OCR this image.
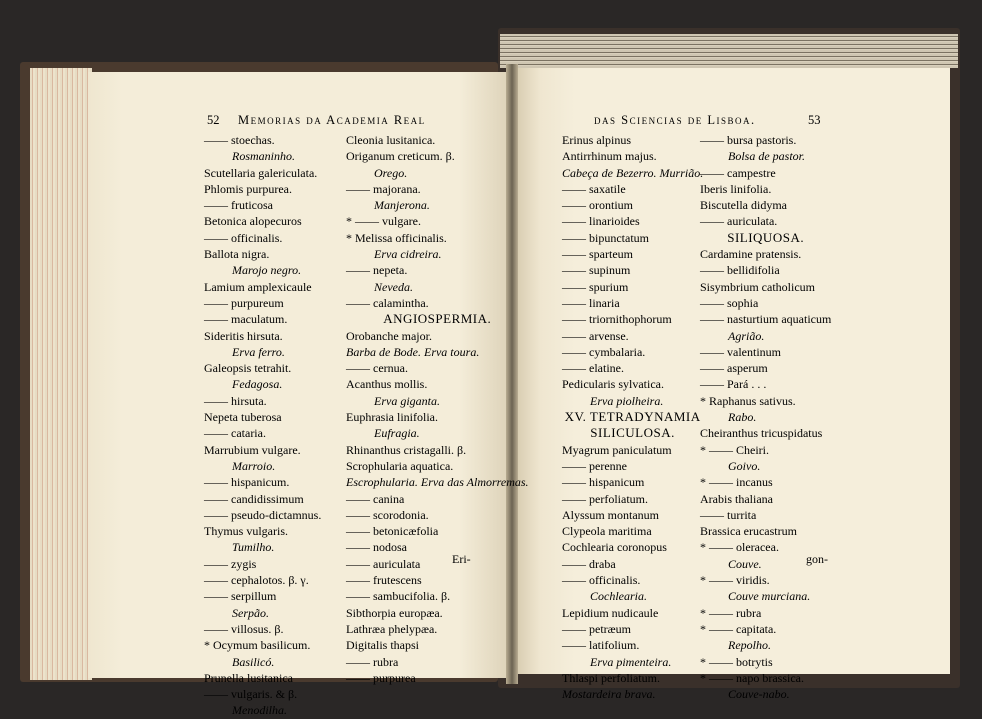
52 Memorias da Academia Real	das Sciencias de Lisboa.	53
—— stoechas.
Rosmaninho.
Scutellaria galericulata.
Phlomis purpurea.
—— fruticosa
Betonica alopecuros
—— officinalis.
Ballota nigra.
Marojo negro.
Lamium amplexicaule
—— purpureum
—— maculatum.
Sideritis hirsuta.
Erva ferro.
Galeopsis tetrahit.
Fedagosa.
—— hirsuta.
Nepeta tuberosa
—— cataria.
Marrubium vulgare.
Marroio.
—— hispanicum.
—— candidissimum
—— pseudo-dictamnus.
Thymus vulgaris.
Tumilho.
—— zygis
—— cephalotos. β. γ.
—— serpillum
Serpão.
—— villosus. β.
* Ocymum basilicum.
Basilicó.
Prunella lusitanica
—— vulgaris. & β.
Menodilha.
Cleonia lusitanica.
Origanum creticum. β.
Orego.
—— majorana.
Manjerona.
* —— vulgare.
* Melissa officinalis.
Erva cidreira.
—— nepeta.
Neveda.
—— calamintha.
ANGIOSPERMIA.
Orobanche major.
Barba de Bode. Erva toura.
—— cernua.
Acanthus mollis.
Erva giganta.
Euphrasia linifolia.
Eufragia.
Rhinanthus cristagalli. β.
Scrophularia aquatica.
Escrophularia. Erva das Almorremas.
—— canina
—— scorodonia.
—— betonicæfolia
—— nodosa
—— auriculata
—— frutescens
—— sambucifolia. β.
Sibthorpia europæa.
Lathræa phelypæa.
Digitalis thapsi
—— rubra
—— purpurea
Erinus alpinus
Antirrhinum majus.
Cabeça de Bezerro. Murrião.
—— saxatile
—— orontium
—— linarioides
—— bipunctatum
—— sparteum
—— supinum
—— spurium
—— linaria
—— triornithophorum
—— arvense.
—— cymbalaria.
—— elatine.
Pedicularis sylvatica.
Erva piolheira.
XV. TETRADYNAMIA
SILICULOSA.
Myagrum paniculatum
—— perenne
—— hispanicum
—— perfoliatum.
Alyssum montanum
Clypeola maritima
Cochlearia coronopus
—— draba
—— officinalis.
Cochlearia.
Lepidium nudicaule
—— petræum
—— latifolium.
Erva pimenteira.
Thlaspi perfoliatum.
Mostardeira brava.
—— bursa pastoris.
Bolsa de pastor.
—— campestre
Iberis linifolia.
Biscutella didyma
—— auriculata.
SILIQUOSA.
Cardamine pratensis.
—— bellidifolia
Sisymbrium catholicum
—— sophia
—— nasturtium aquaticum
Agrião.
—— valentinum
—— asperum
—— Pará . . .
* Raphanus sativus.
Rabo.
Cheiranthus tricuspidatus
* —— Cheiri.
Goivo.
* —— incanus
Arabis thaliana
—— turrita
Brassica erucastrum
* —— oleracea.
Couve.
* —— viridis.
Couve murciana.
* —— rubra
* —— capitata.
Repolho.
* —— botrytis
* —— napo brassica.
Couve-nabo.
Eri-	gon-
